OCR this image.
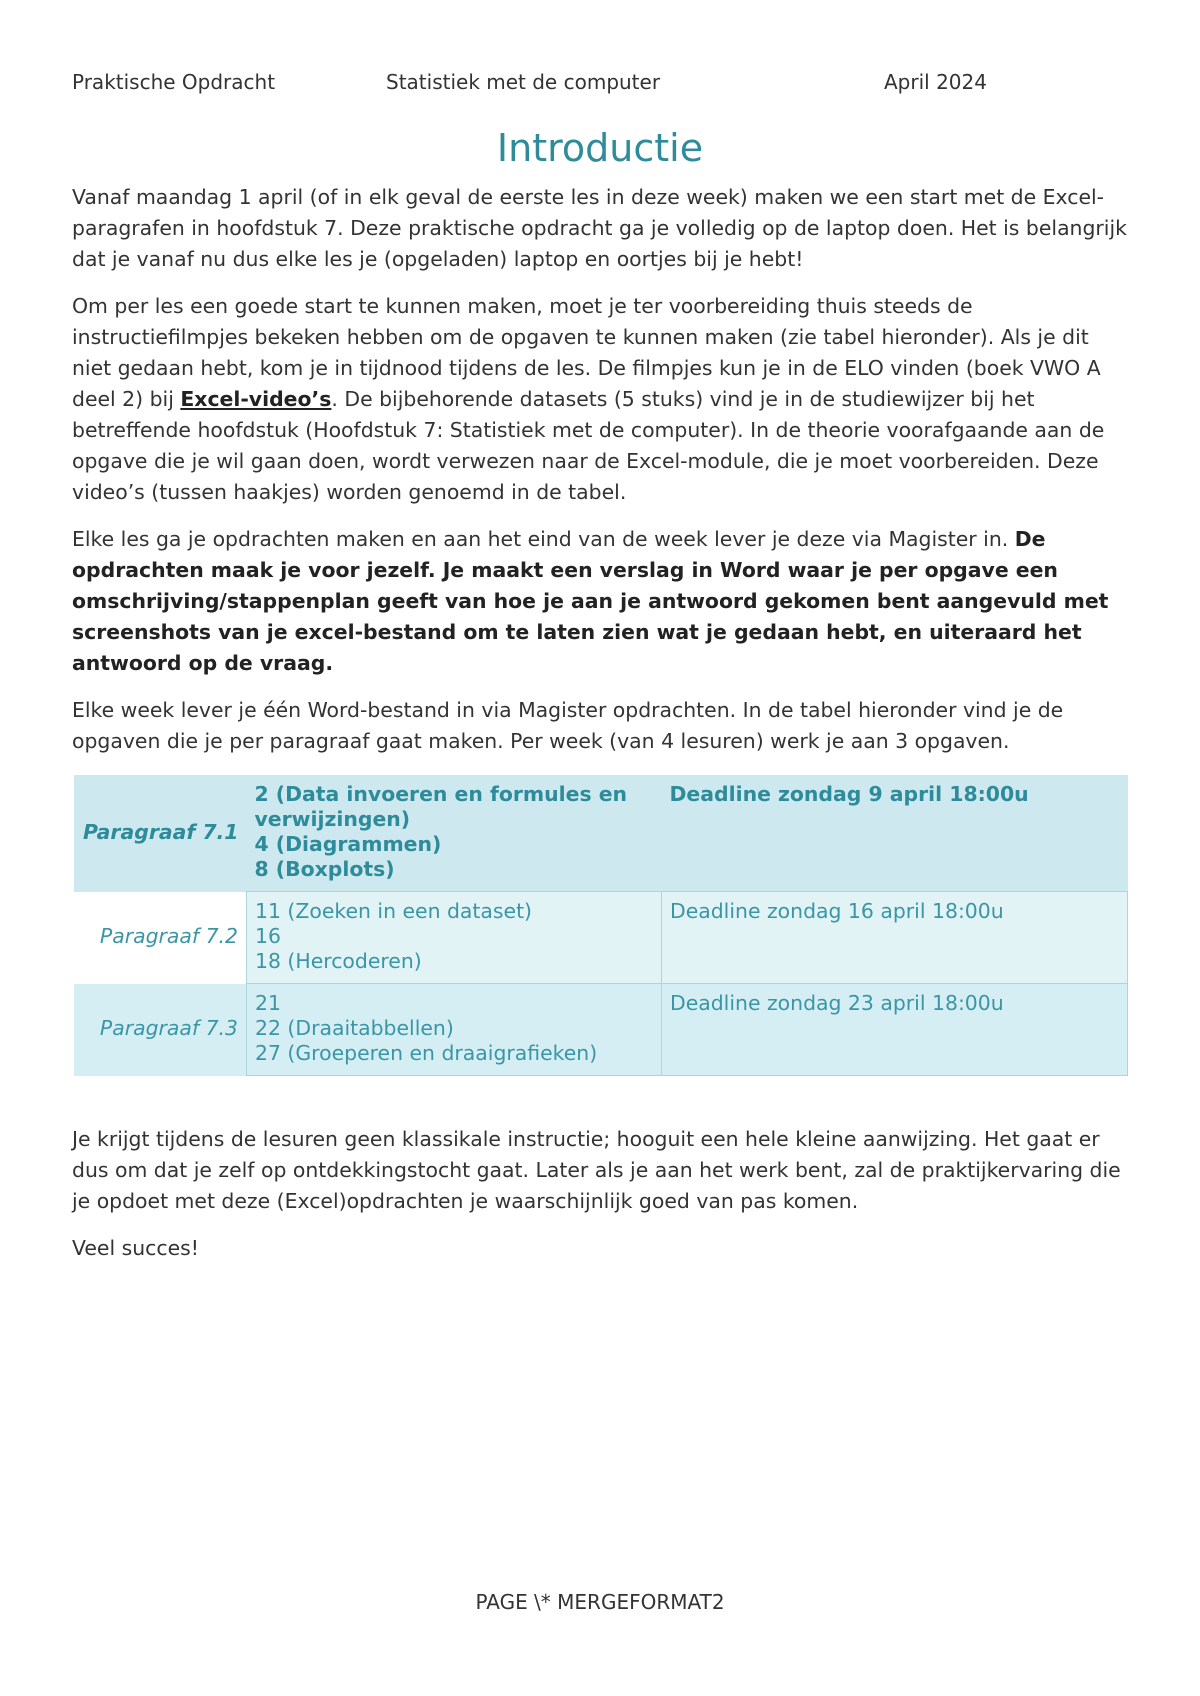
Praktische Opdracht	Statistiek met de computer	April 2024
Introductie

Vanaf maandag 1 april (of in elk geval de eerste les in deze week) maken we een start met de Excel-paragrafen in hoofdstuk 7. Deze praktische opdracht ga je volledig op de laptop doen. Het is belangrijk dat je vanaf nu dus elke les je (opgeladen) laptop en oortjes bij je hebt!

Om per les een goede start te kunnen maken, moet je ter voorbereiding thuis steeds de instructiefilmpjes bekeken hebben om de opgaven te kunnen maken (zie tabel hieronder). Als je dit niet gedaan hebt, kom je in tijdnood tijdens de les. De filmpjes kun je in de ELO vinden (boek VWO A deel 2) bij Excel-video’s. De bijbehorende datasets (5 stuks) vind je in de studiewijzer bij het betreffende hoofdstuk (Hoofdstuk 7: Statistiek met de computer). In de theorie voorafgaande aan de opgave die je wil gaan doen, wordt verwezen naar de Excel-module, die je moet voorbereiden. Deze video’s (tussen haakjes) worden genoemd in de tabel.

Elke les ga je opdrachten maken en aan het eind van de week lever je deze via Magister in. De opdrachten maak je voor jezelf. Je maakt een verslag in Word waar je per opgave een omschrijving/stappenplan geeft van hoe je aan je antwoord gekomen bent aangevuld met screenshots van je excel-bestand om te laten zien wat je gedaan hebt, en uiteraard het antwoord op de vraag.

Elke week lever je één Word-bestand in via Magister opdrachten. In de tabel hieronder vind je de opgaven die je per paragraaf gaat maken. Per week (van 4 lesuren) werk je aan 3 opgaven.

Paragraaf 7.1	2 (Data invoeren en formules en verwijzingen)
4 (Diagrammen)
8 (Boxplots)	Deadline zondag 9 april 18:00u
Paragraaf 7.2	11 (Zoeken in een dataset)
16
18 (Hercoderen)	Deadline zondag 16 april 18:00u
Paragraaf 7.3	21
22 (Draaitabbellen)
27 (Groeperen en draaigrafieken)	Deadline zondag 23 april 18:00u

Je krijgt tijdens de lesuren geen klassikale instructie; hooguit een hele kleine aanwijzing. Het gaat er dus om dat je zelf op ontdekkingstocht gaat. Later als je aan het werk bent, zal de praktijkervaring die je opdoet met deze (Excel)opdrachten je waarschijnlijk goed van pas komen.

Veel succes!

PAGE \* MERGEFORMAT2
